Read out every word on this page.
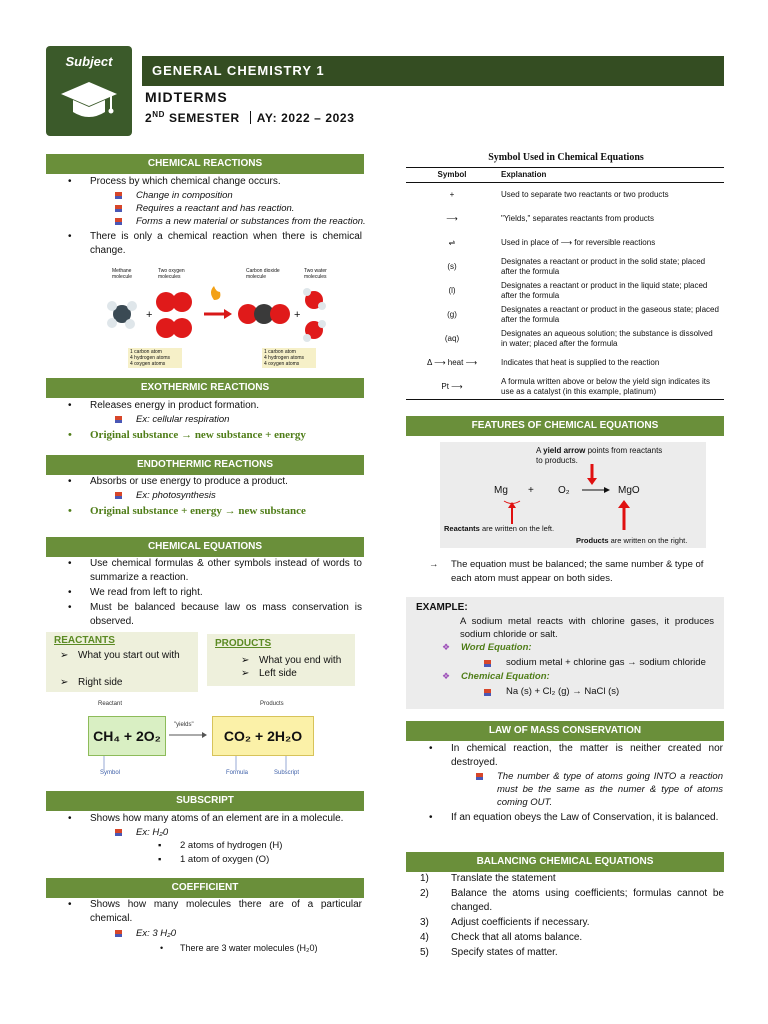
Subject
GENERAL CHEMISTRY 1
MIDTERMS
2ND SEMESTER AY: 2022 – 2023
CHEMICAL REACTIONS
• Process by which chemical change occurs.
Change in composition
Requires a reactant and has reaction.
Forms a new material or substances from the reaction.
• There is only a chemical reaction when there is chemical change.
Methane molecule
Two oxygen molecules
Carbon dioxide molecule
Two water molecules
+	+
1 carbon atom
4 hydrogen atoms
4 oxygen atoms
1 carbon atom
4 hydrogen atoms
4 oxygen atoms
EXOTHERMIC REACTIONS
• Releases energy in product formation.
Ex: cellular respiration
• Original substance → new substance + energy
ENDOTHERMIC REACTIONS
• Absorbs or use energy to produce a product.
Ex: photosynthesis
• Original substance + energy → new substance
CHEMICAL EQUATIONS
• Use chemical formulas & other symbols instead of words to summarize a reaction.
• We read from left to right.
• Must be balanced because law os mass conservation is observed.
REACTANTS
➢ What you start out with
➢ Right side
PRODUCTS
➢ What you end with
➢ Left side
Reactant	Products
CH₄ + 2O₂
"yields"
→	CO₂ + 2H₂O
Symbol	Formula	Subscript
SUBSCRIPT
• Shows how many atoms of an element are in a molecule.
Ex: H₂0
▪ 2 atoms of hydrogen (H)
▪ 1 atom of oxygen (O)
COEFFICIENT
• Shows how many molecules there are of a particular chemical.
Ex: 3 H₂0
• There are 3 water molecules (H₂0)
Symbol Used in Chemical Equations
Symbol	Explanation
+	Used to separate two reactants or two products
⟶	"Yields," separates reactants from products
⇌	Used in place of ⟶ for reversible reactions
(s)	Designates a reactant or product in the solid state; placed after the formula
(l)	Designates a reactant or product in the liquid state; placed after the formula
(g)	Designates a reactant or product in the gaseous state; placed after the formula
(aq)	Designates an aqueous solution; the substance is dissolved in water; placed after the formula
Δ ⟶ heat ⟶	Indicates that heat is supplied to the reaction
Pt ⟶	A formula written above or below the yield sign indicates its use as a catalyst (in this example, platinum)
FEATURES OF CHEMICAL EQUATIONS
A yield arrow points from reactants to products.
Mg + O₂	MgO
Reactants are written on the left.
Products are written on the right.
→ The equation must be balanced; the same number & type of each atom must appear on both sides.
EXAMPLE:
A sodium metal reacts with chlorine gases, it produces sodium chloride or salt.
❖ Word Equation:
sodium metal + chlorine gas → sodium chloride
❖ Chemical Equation:
Na (s) + Cl₂ (g) → NaCl (s)
LAW OF MASS CONSERVATION
• In chemical reaction, the matter is neither created nor destroyed.
The number & type of atoms going INTO a reaction must be the same as the numer & type of atoms coming OUT.
• If an equation obeys the Law of Conservation, it is balanced.
BALANCING CHEMICAL EQUATIONS
1) Translate the statement
2) Balance the atoms using coefficients; formulas cannot be changed.
3) Adjust coefficients if necessary.
4) Check that all atoms balance.
5) Specify states of matter.
